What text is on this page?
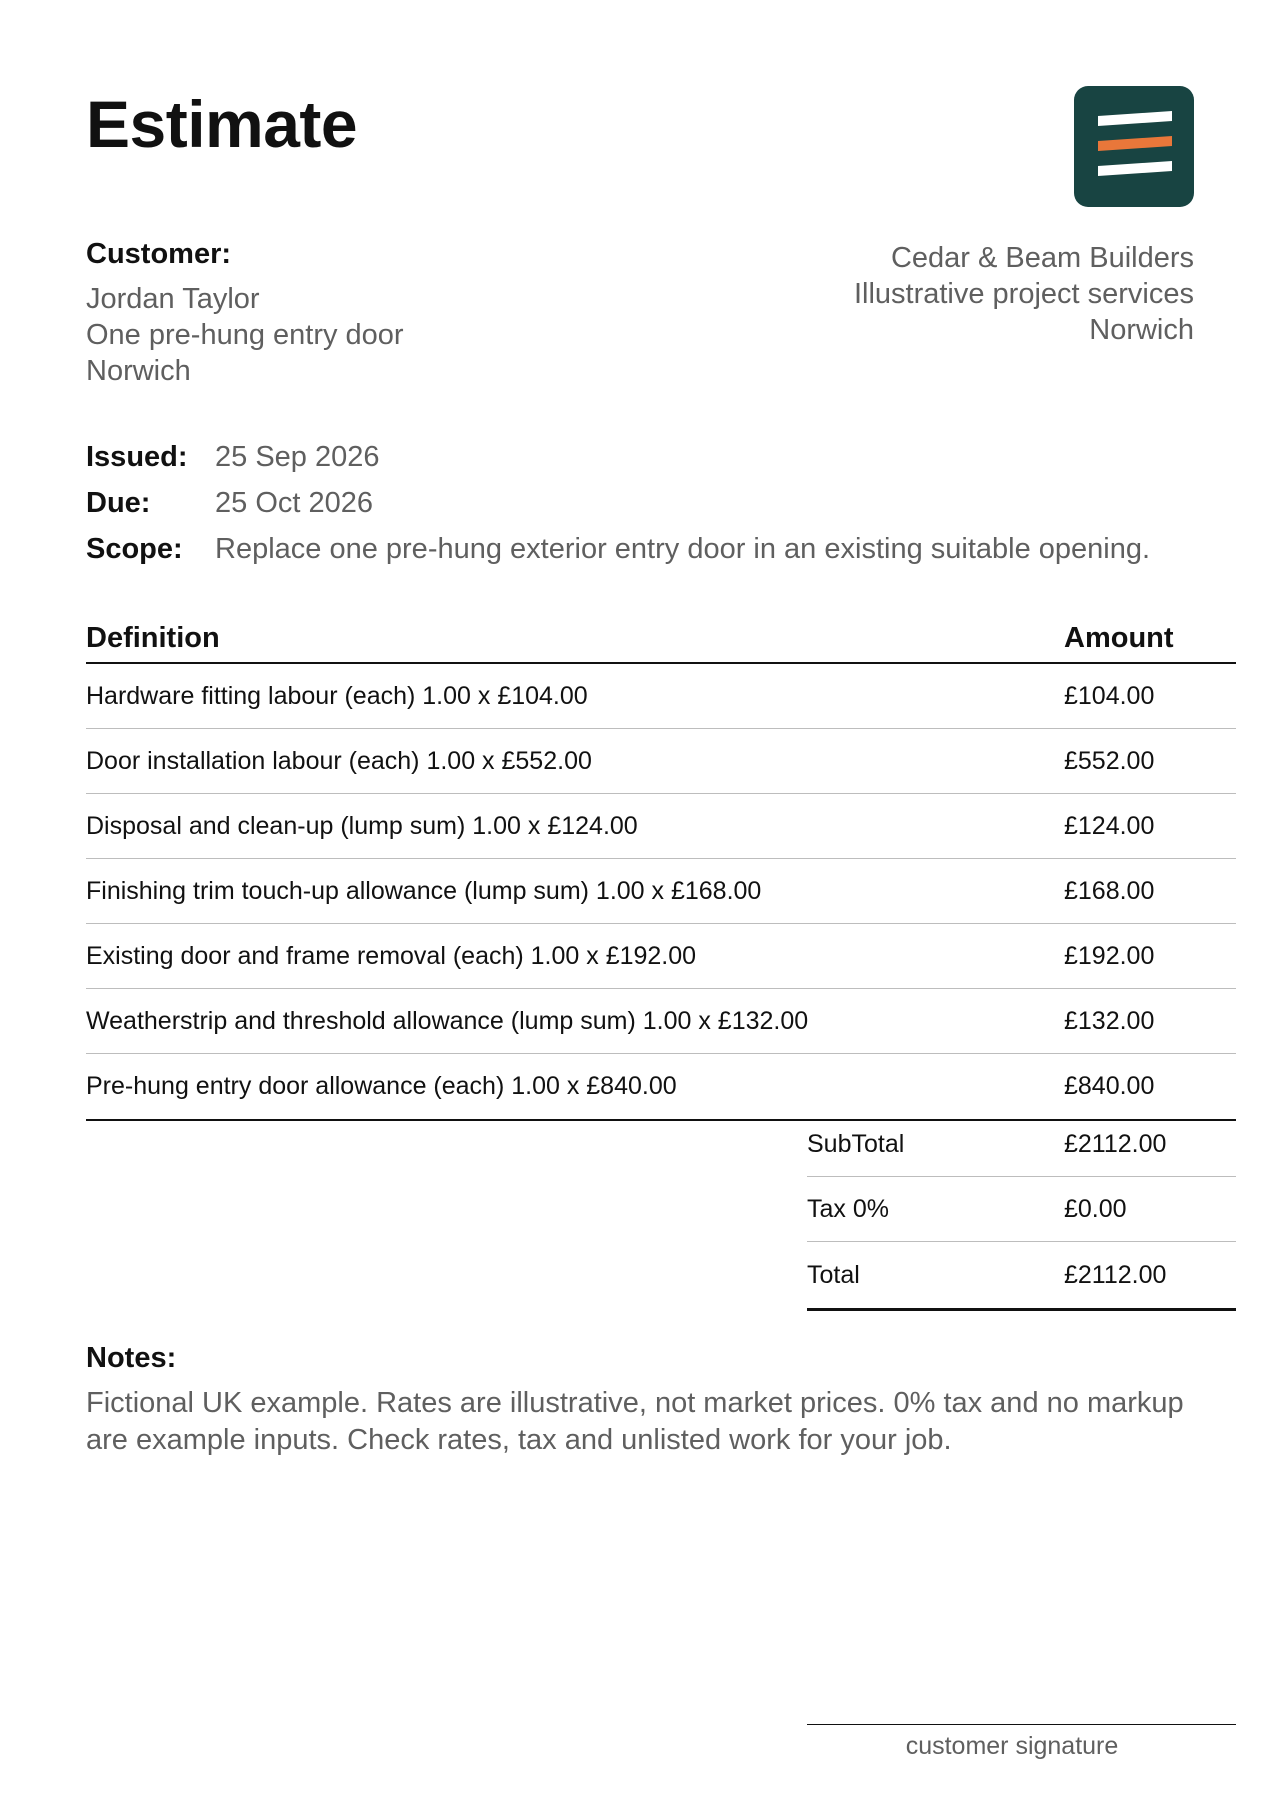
Estimate
Customer:
Jordan Taylor
One pre-hung entry door
Norwich
Cedar & Beam Builders
Illustrative project services
Norwich
Issued: 25 Sep 2026
Due:	25 Oct 2026
Scope:	Replace one pre-hung exterior entry door in an existing suitable opening.
Definition	Amount
Hardware fitting labour (each) 1.00 x £104.00	£104.00
Door installation labour (each) 1.00 x £552.00	£552.00
Disposal and clean-up (lump sum) 1.00 x £124.00	£124.00
Finishing trim touch-up allowance (lump sum) 1.00 x £168.00	£168.00
Existing door and frame removal (each) 1.00 x £192.00	£192.00
Weatherstrip and threshold allowance (lump sum) 1.00 x £132.00	£132.00
Pre-hung entry door allowance (each) 1.00 x £840.00	£840.00
SubTotal	£2112.00
Tax 0%	£0.00
Total	£2112.00
Notes:
Fictional UK example. Rates are illustrative, not market prices. 0% tax and no markup are example inputs. Check rates, tax and unlisted work for your job.
customer signature
